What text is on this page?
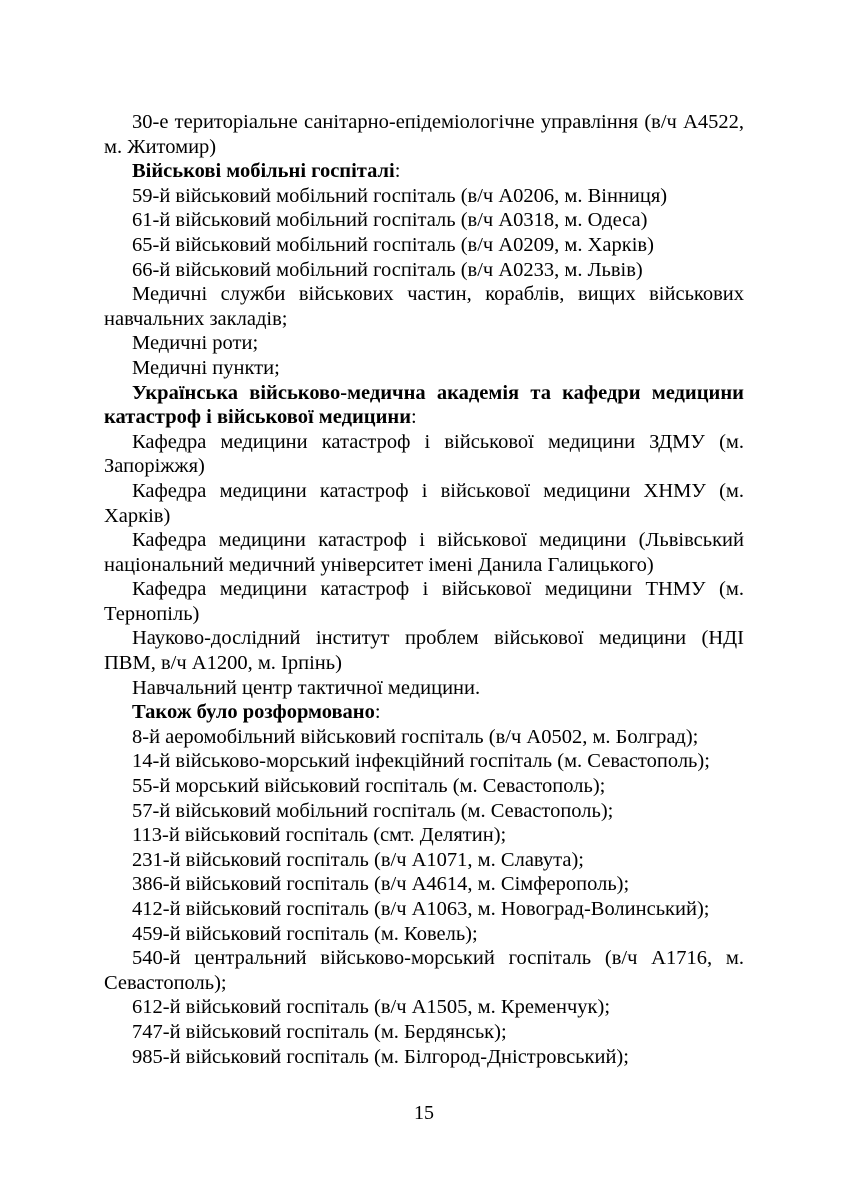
30-е територіальне санітарно-епідеміологічне управління (в/ч А4522, м. Житомир)

Військові мобільні госпіталі:

59-й військовий мобільний госпіталь (в/ч А0206, м. Вінниця)

61-й військовий мобільний госпіталь (в/ч А0318, м. Одеса)

65-й військовий мобільний госпіталь (в/ч А0209, м. Харків)

66-й військовий мобільний госпіталь (в/ч А0233, м. Львів)

Медичні служби військових частин, кораблів, вищих військових навчальних закладів;

Медичні роти;

Медичні пункти;

Українська військово-медична академія та кафедри медицини катастроф і військової медицини:

Кафедра медицини катастроф і військової медицини ЗДМУ (м. Запоріжжя)

Кафедра медицини катастроф і військової медицини ХНМУ (м. Харків)

Кафедра медицини катастроф і військової медицини (Львівський національний медичний університет імені Данила Галицького)

Кафедра медицини катастроф і військової медицини ТНМУ (м. Тернопіль)

Науково-дослідний інститут проблем військової медицини (НДІ ПВМ, в/ч А1200, м. Ірпінь)

Навчальний центр тактичної медицини.

Також було розформовано:

8-й аеромобільний військовий госпіталь (в/ч А0502, м. Болград);

14-й військово-морський інфекційний госпіталь (м. Севастополь);

55-й морський військовий госпіталь (м. Севастополь);

57-й військовий мобільний госпіталь (м. Севастополь);

113-й військовий госпіталь (смт. Делятин);

231-й військовий госпіталь (в/ч А1071, м. Славута);

386-й військовий госпіталь (в/ч А4614, м. Сімферополь);

412-й військовий госпіталь (в/ч А1063, м. Новоград-Волинський);

459-й військовий госпіталь (м. Ковель);

540-й центральний військово-морський госпіталь (в/ч А1716, м. Севастополь);

612-й військовий госпіталь (в/ч А1505, м. Кременчук);

747-й військовий госпіталь (м. Бердянськ);

985-й військовий госпіталь (м. Білгород-Дністровський);

15
